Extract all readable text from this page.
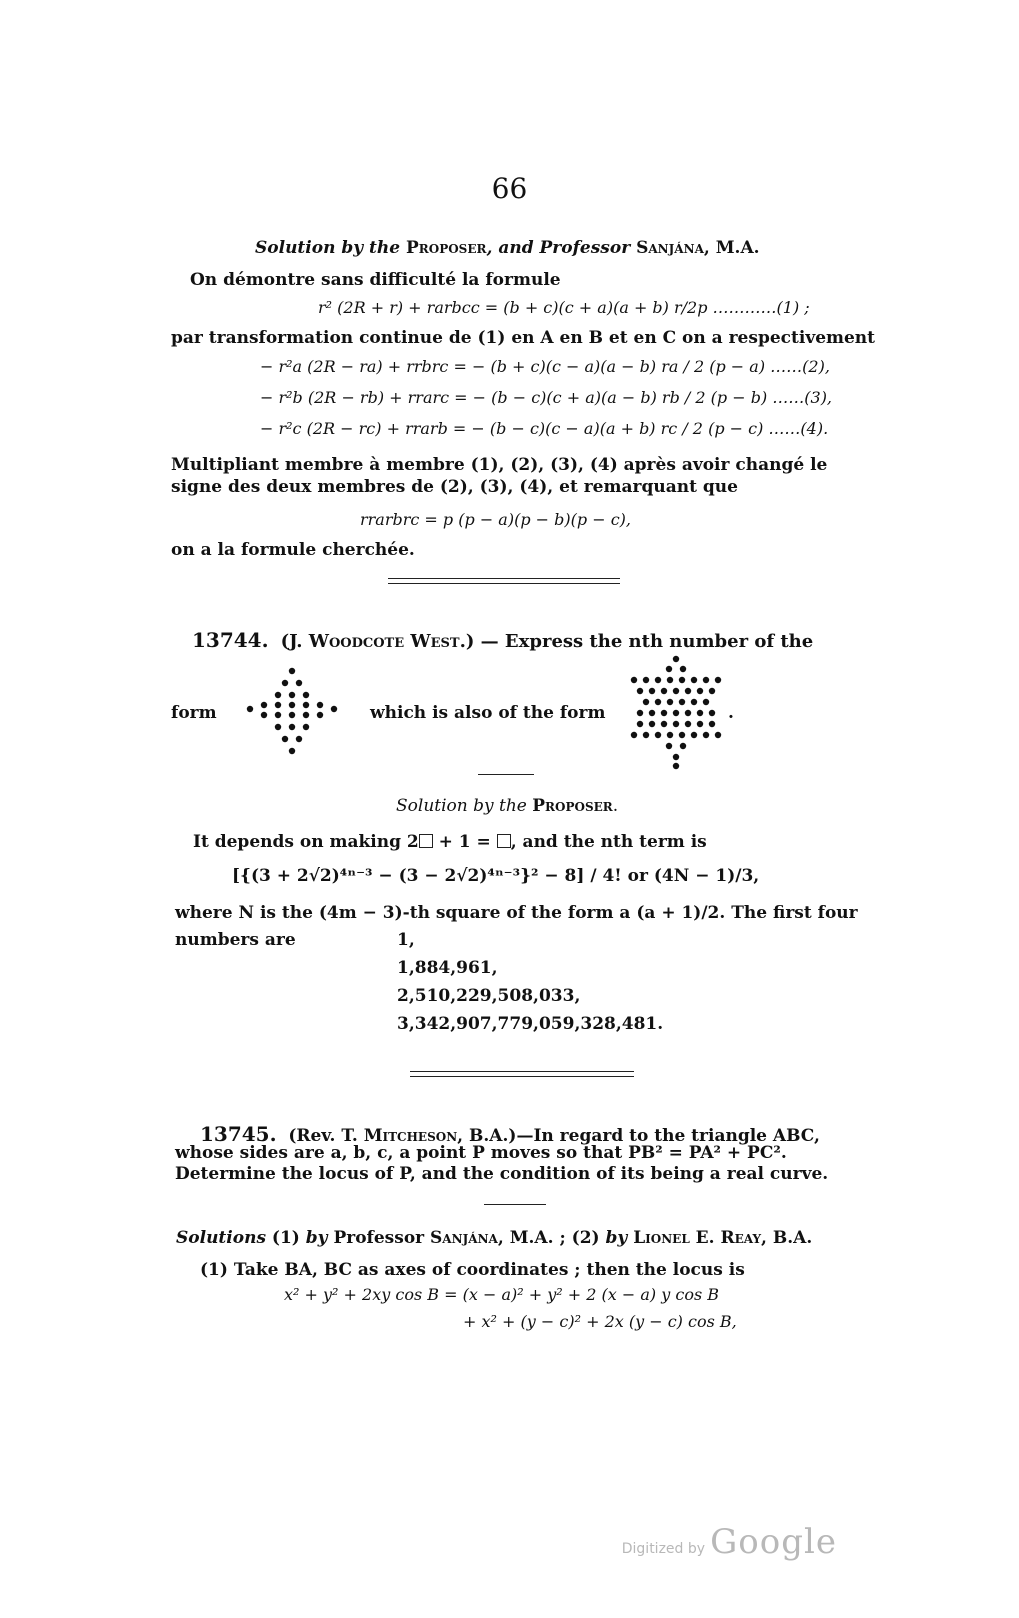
66
Solution by the Proposer, and Professor Sanjána, M.A.
On démontre sans difficulté la formule
r² (2R + r) + rarbcc = (b + c)(c + a)(a + b) r/2p …………(1) ;
par transformation continue de (1) en A en B et en C on a respectivement
− r²a (2R − ra) + rrbrc = − (b + c)(c − a)(a − b) ra / 2 (p − a) ……(2),
− r²b (2R − rb) + rrarc = − (b − c)(c + a)(a − b) rb / 2 (p − b) ……(3),
− r²c (2R − rc) + rrarb = − (b − c)(c − a)(a + b) rc / 2 (p − c) ……(4).
Multipliant membre à membre (1), (2), (3), (4) après avoir changé le
signe des deux membres de (2), (3), (4), et remarquant que
rrarbrc = p (p − a)(p − b)(p − c),
on a la formule cherchée.
13744. (J. Woodcote West.) — Express the nth number of the
form	which is also of the form	.
Solution by the Proposer.
It depends on making 2 + 1 = , and the nth term is
[{(3 + 2√2)⁴ⁿ⁻³ − (3 − 2√2)⁴ⁿ⁻³}² − 8] / 4! or (4N − 1)/3,
where N is the (4m − 3)-th square of the form a (a + 1)/2. The first four
numbers are	1,
1,884,961,
2,510,229,508,033,
3,342,907,779,059,328,481.
13745. (Rev. T. Mitcheson, B.A.)—In regard to the triangle ABC,
whose sides are a, b, c, a point P moves so that PB² = PA² + PC².
Determine the locus of P, and the condition of its being a real curve.
Solutions (1) by Professor Sanjána, M.A. ; (2) by Lionel E. Reay, B.A.
(1) Take BA, BC as axes of coordinates ; then the locus is
x² + y² + 2xy cos B = (x − a)² + y² + 2 (x − a) y cos B
+ x² + (y − c)² + 2x (y − c) cos B,
Digitized by Google
